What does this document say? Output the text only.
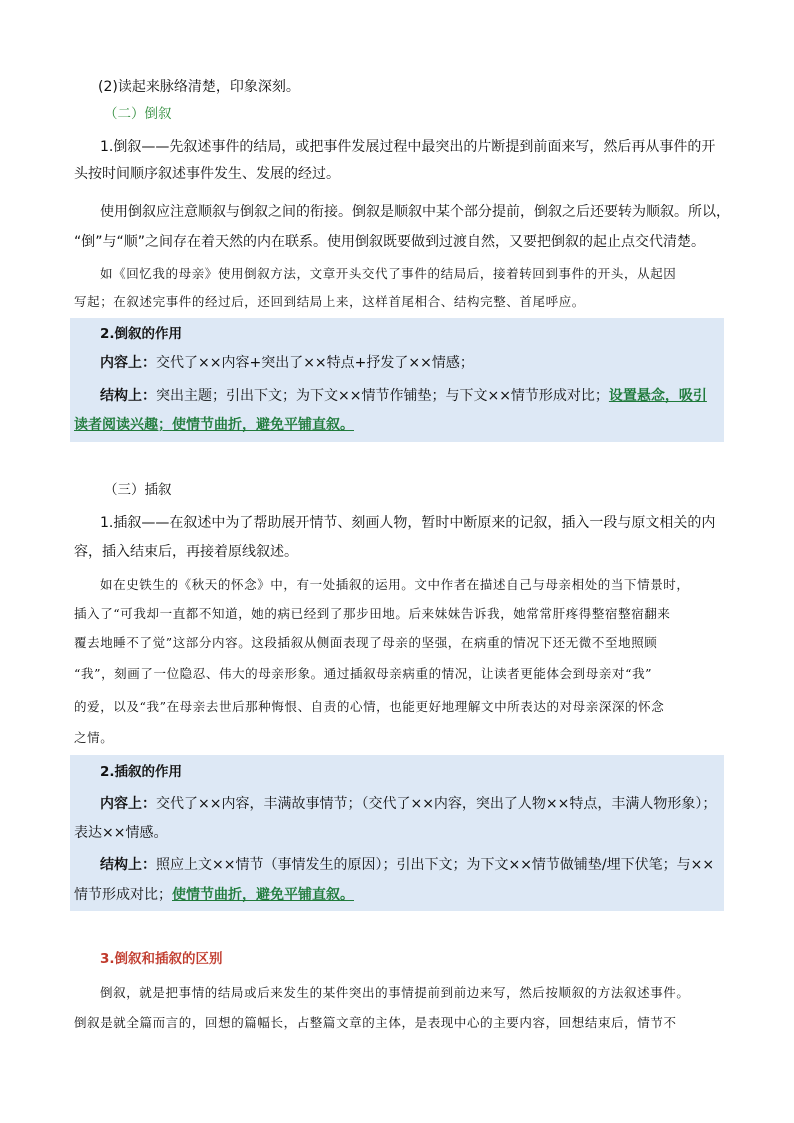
(2)读起来脉络清楚，印象深刻。
（二）倒叙
1.倒叙——先叙述事件的结局，或把事件发展过程中最突出的片断提到前面来写，然后再从事件的开
头按时间顺序叙述事件发生、发展的经过。
使用倒叙应注意顺叙与倒叙之间的衔接。倒叙是顺叙中某个部分提前，倒叙之后还要转为顺叙。所以，
“倒”与“顺”之间存在着天然的内在联系。使用倒叙既要做到过渡自然，又要把倒叙的起止点交代清楚。
如《回忆我的母亲》使用倒叙方法，文章开头交代了事件的结局后，接着转回到事件的开头，从起因
写起；在叙述完事件的经过后，还回到结局上来，这样首尾相合、结构完整、首尾呼应。
2.倒叙的作用
内容上：交代了××内容+突出了××特点+抒发了××情感；
结构上：突出主题；引出下文；为下文××情节作铺垫；与下文××情节形成对比；设置悬念，吸引
读者阅读兴趣；使情节曲折，避免平铺直叙。
（三）插叙
1.插叙——在叙述中为了帮助展开情节、刻画人物，暂时中断原来的记叙，插入一段与原文相关的内
容，插入结束后，再接着原线叙述。
如在史铁生的《秋天的怀念》中，有一处插叙的运用。文中作者在描述自己与母亲相处的当下情景时，
插入了“可我却一直都不知道，她的病已经到了那步田地。后来妹妹告诉我，她常常肝疼得整宿整宿翻来
覆去地睡不了觉”这部分内容。这段插叙从侧面表现了母亲的坚强，在病重的情况下还无微不至地照顾
“我”，刻画了一位隐忍、伟大的母亲形象。通过插叙母亲病重的情况，让读者更能体会到母亲对“我”
的爱，以及“我”在母亲去世后那种悔恨、自责的心情，也能更好地理解文中所表达的对母亲深深的怀念
之情。
2.插叙的作用
内容上：交代了××内容，丰满故事情节；（交代了××内容，突出了人物××特点，丰满人物形象）；
表达××情感。
结构上：照应上文××情节（事情发生的原因）；引出下文；为下文××情节做铺垫/埋下伏笔；与××
情节形成对比；使情节曲折，避免平铺直叙。
3.倒叙和插叙的区别
倒叙，就是把事情的结局或后来发生的某件突出的事情提前到前边来写，然后按顺叙的方法叙述事件。
倒叙是就全篇而言的，回想的篇幅长，占整篇文章的主体，是表现中心的主要内容，回想结束后，情节不
